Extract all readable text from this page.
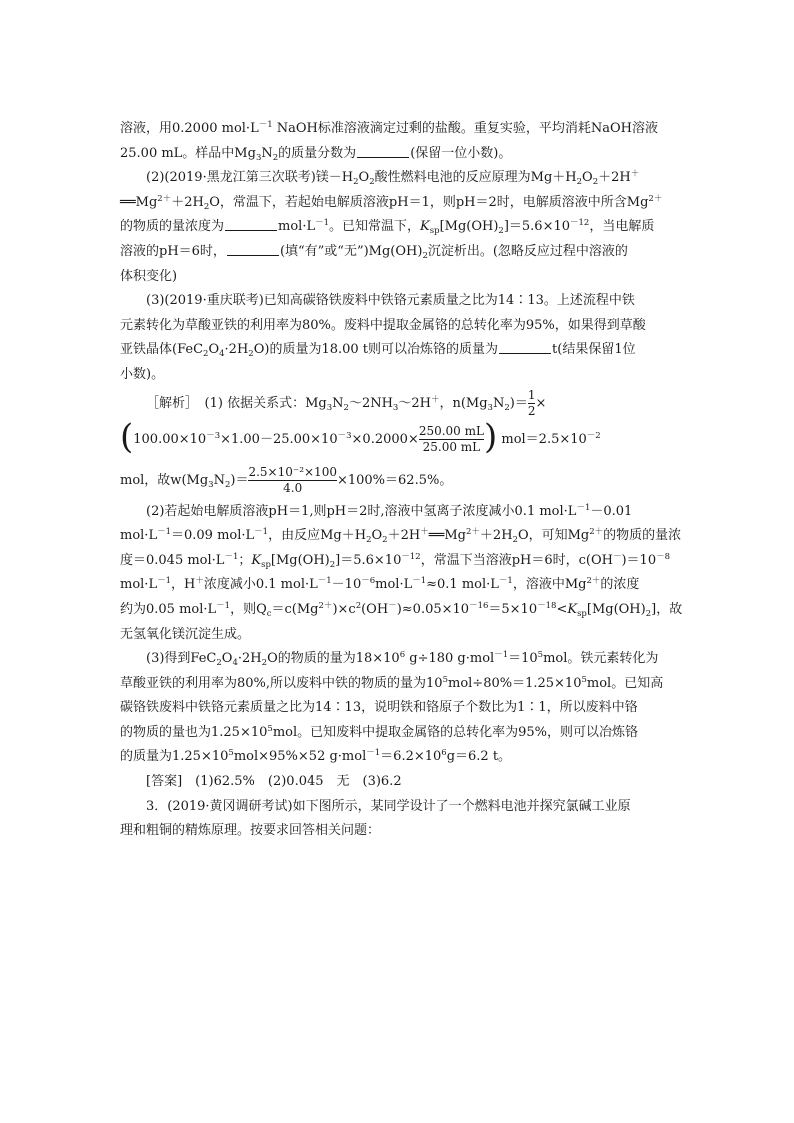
溶液，用0.2000 $mol\cdot L^{-1}$ NaOH标准溶液滴定过剩的盐酸。重复实验，平均消耗NaOH溶液
25.00 mL。样品中$Mg_3N_2$的质量分数为	(保留一位小数)。
(2)(2019·黑龙江第三次联考)镁$-H_2O_2$酸性燃料电池的反应原理为$Mg+H_2O_2+2H^+$
$══Mg^{2+}+2H_2O$，常温下，若起始电解质溶液pH＝1，则pH＝2时，电解质溶液中所含$Mg^{2+}$
的物质的量浓度为	$mol\cdot L^{-1}$。已知常温下，$K_{sp}[Mg(OH)_2]=5.6\times 10^{-12}$，当电解质
溶液的pH＝6时，	(填“有”或“无$”)Mg(OH)_2$沉淀析出。(忽略反应过程中溶液的
体积变化)
(3)(2019·重庆联考)已知高碳铬铁废料中铁铬元素质量之比为14∶13。上述流程中铁
元素转化为草酸亚铁的利用率为80%。废料中提取金属铬的总转化率为95%，如果得到草酸
亚铁晶体$(FeC_2O_4\cdot 2H_2O)$的质量为18.00 t则可以冶炼铬的质量为	t(结果保留1位
小数)。
［解析］　 (1) 依据关系式：$Mg_3N_2\sim 2NH_3\sim 2H^+$，$n(Mg_3N_2)= \frac{1}{2}$ ×
($100.00\times 10^{-3}\times 1.00-25.00\times 10^{-3}\times 0.2000\times \frac{250.00 mL}{25.00 mL}$ ) $mol=2.5\times 10^{-2}$
mol，故$w(Mg_3N_2)= \frac{\text{2.5×10⁻²×100}}{4.0} \times 100\%=62.5\%$。
(2)若起始电解质溶液pH＝1,则pH＝2时,溶液中氢离子浓度减小0.1 $mol\cdot L^{-1}-0.01$
$mol\cdot L^{-1}=0.09$ $mol\cdot L^{-1}$，由反应$Mg+H_2O_2+2H^+══Mg^{2+}+2H_2O$，可知$Mg^{2+}$的物质的量浓
度＝0.045 $mol\cdot L^{-1}$；$K_{sp}[Mg(OH)_2]=5.6\times 10^{-12}$，常温下当溶液pH＝6时，$c(OH^-)=10^{-8}$
$mol\cdot L^{-1}$，H＋浓度减小0.1 $mol\cdot L^{-1}-10^{-6}mol\cdot L^{-1}\approx 0.1$ $mol\cdot L^{-1}$，溶液中$Mg^{2+}$的浓度
约为0.05 $mol\cdot L^{-1}$，则$Q_c=c(Mg^{2+})\times c^2(OH^-)\approx 0.05\times 10^{-16}=5\times 10^{-18}<K_{sp}[Mg(OH)_2]$，故
无氢氧化镁沉淀生成。
(3)得到$FeC_2O_4\cdot 2H_2O$的物质的量为$18\times 10^6$ g÷180 $g\cdot mol^{-1}=10^5mol$。铁元素转化为
草酸亚铁的利用率为80%,所以废料中铁的物质的量为$10^5mol\div 80\%=1.25\times 10^5mol$。已知高
碳铬铁废料中铁铬元素质量之比为14∶13，说明铁和铬原子个数比为1∶1，所以废料中铬
的物质的量也为$1.25\times 10^5mol$。已知废料中提取金属铬的总转化率为95%，则可以冶炼铬
的质量为$1.25\times 10^5mol\times 95\%\times 52$ $g\cdot mol^{-1}=6.2\times 10^6g=6.2$ t。
[答案]　 (1)62.5%　(2)0.045　无　(3)6.2
3．(2019·黄冈调研考试)如下图所示，某同学设计了一个燃料电池并探究氯碱工业原
理和粗铜的精炼原理。按要求回答相关问题：
